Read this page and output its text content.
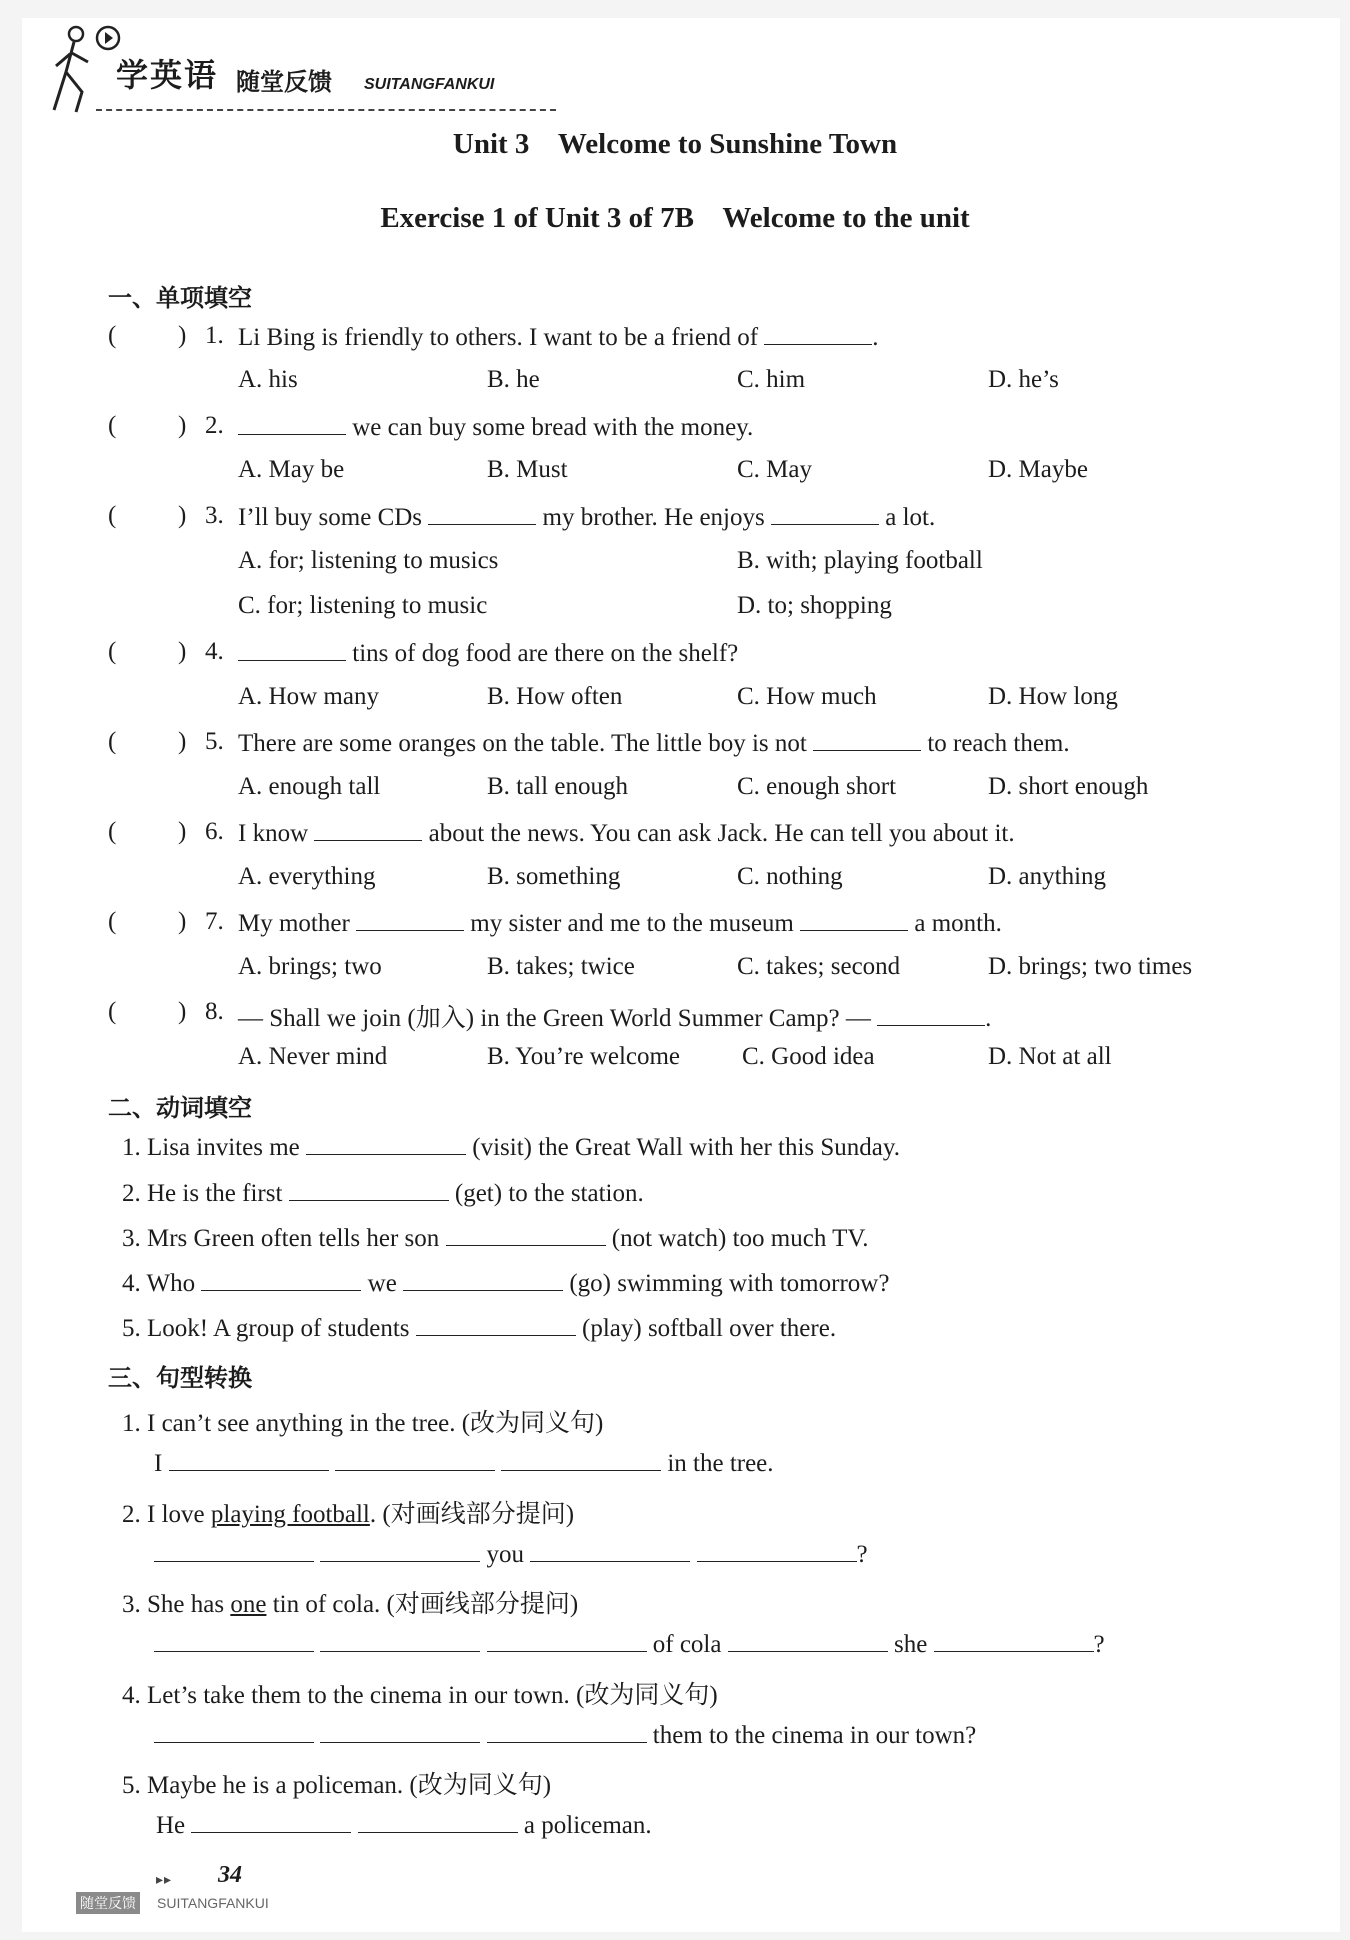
学英语 随堂反馈 SUITANGFANKUI
Unit 3    Welcome to Sunshine Town
Exercise 1 of Unit 3 of 7B    Welcome to the unit
一、单项填空
( ) 1. Li Bing is friendly to others. I want to be a friend of	.
A. his	B. he	C. him	D. he’s
( ) 2.	we can buy some bread with the money.
A. May be	B. Must	C. May	D. Maybe
( ) 3. I’ll buy some CDs	my brother. He enjoys	a lot.
A. for; listening to musics	B. with; playing football
C. for; listening to music	D. to; shopping
( ) 4.	tins of dog food are there on the shelf?
A. How many	B. How often	C. How much	D. How long
( ) 5. There are some oranges on the table. The little boy is not	to reach them.
A. enough tall	B. tall enough	C. enough short	D. short enough
( ) 6. I know	about the news. You can ask Jack. He can tell you about it.
A. everything	B. something	C. nothing	D. anything
( ) 7. My mother	my sister and me to the museum	a month.
A. brings; two	B. takes; twice	C. takes; second	D. brings; two times
( ) 8. — Shall we join (加入) in the Green World Summer Camp? —	.
A. Never mind	B. You’re welcome C. Good idea	D. Not at all
二、动词填空
1. Lisa invites me	(visit) the Great Wall with her this Sunday.
2. He is the first	(get) to the station.
3. Mrs Green often tells her son	(not watch) too much TV.
4. Who	we	(go) swimming with tomorrow?
5. Look! A group of students	(play) softball over there.
三、句型转换
1. I can’t see anything in the tree. (改为同义句)
I	in the tree.
2. I love playing football. (对画线部分提问)
you	?
3. She has one tin of cola. (对画线部分提问)
of cola	she	?
4. Let’s take them to the cinema in our town. (改为同义句)
them to the cinema in our town?
5. Maybe he is a policeman. (改为同义句)
He	a policeman.
▸▸ 34
随堂反馈 SUITANGFANKUI
